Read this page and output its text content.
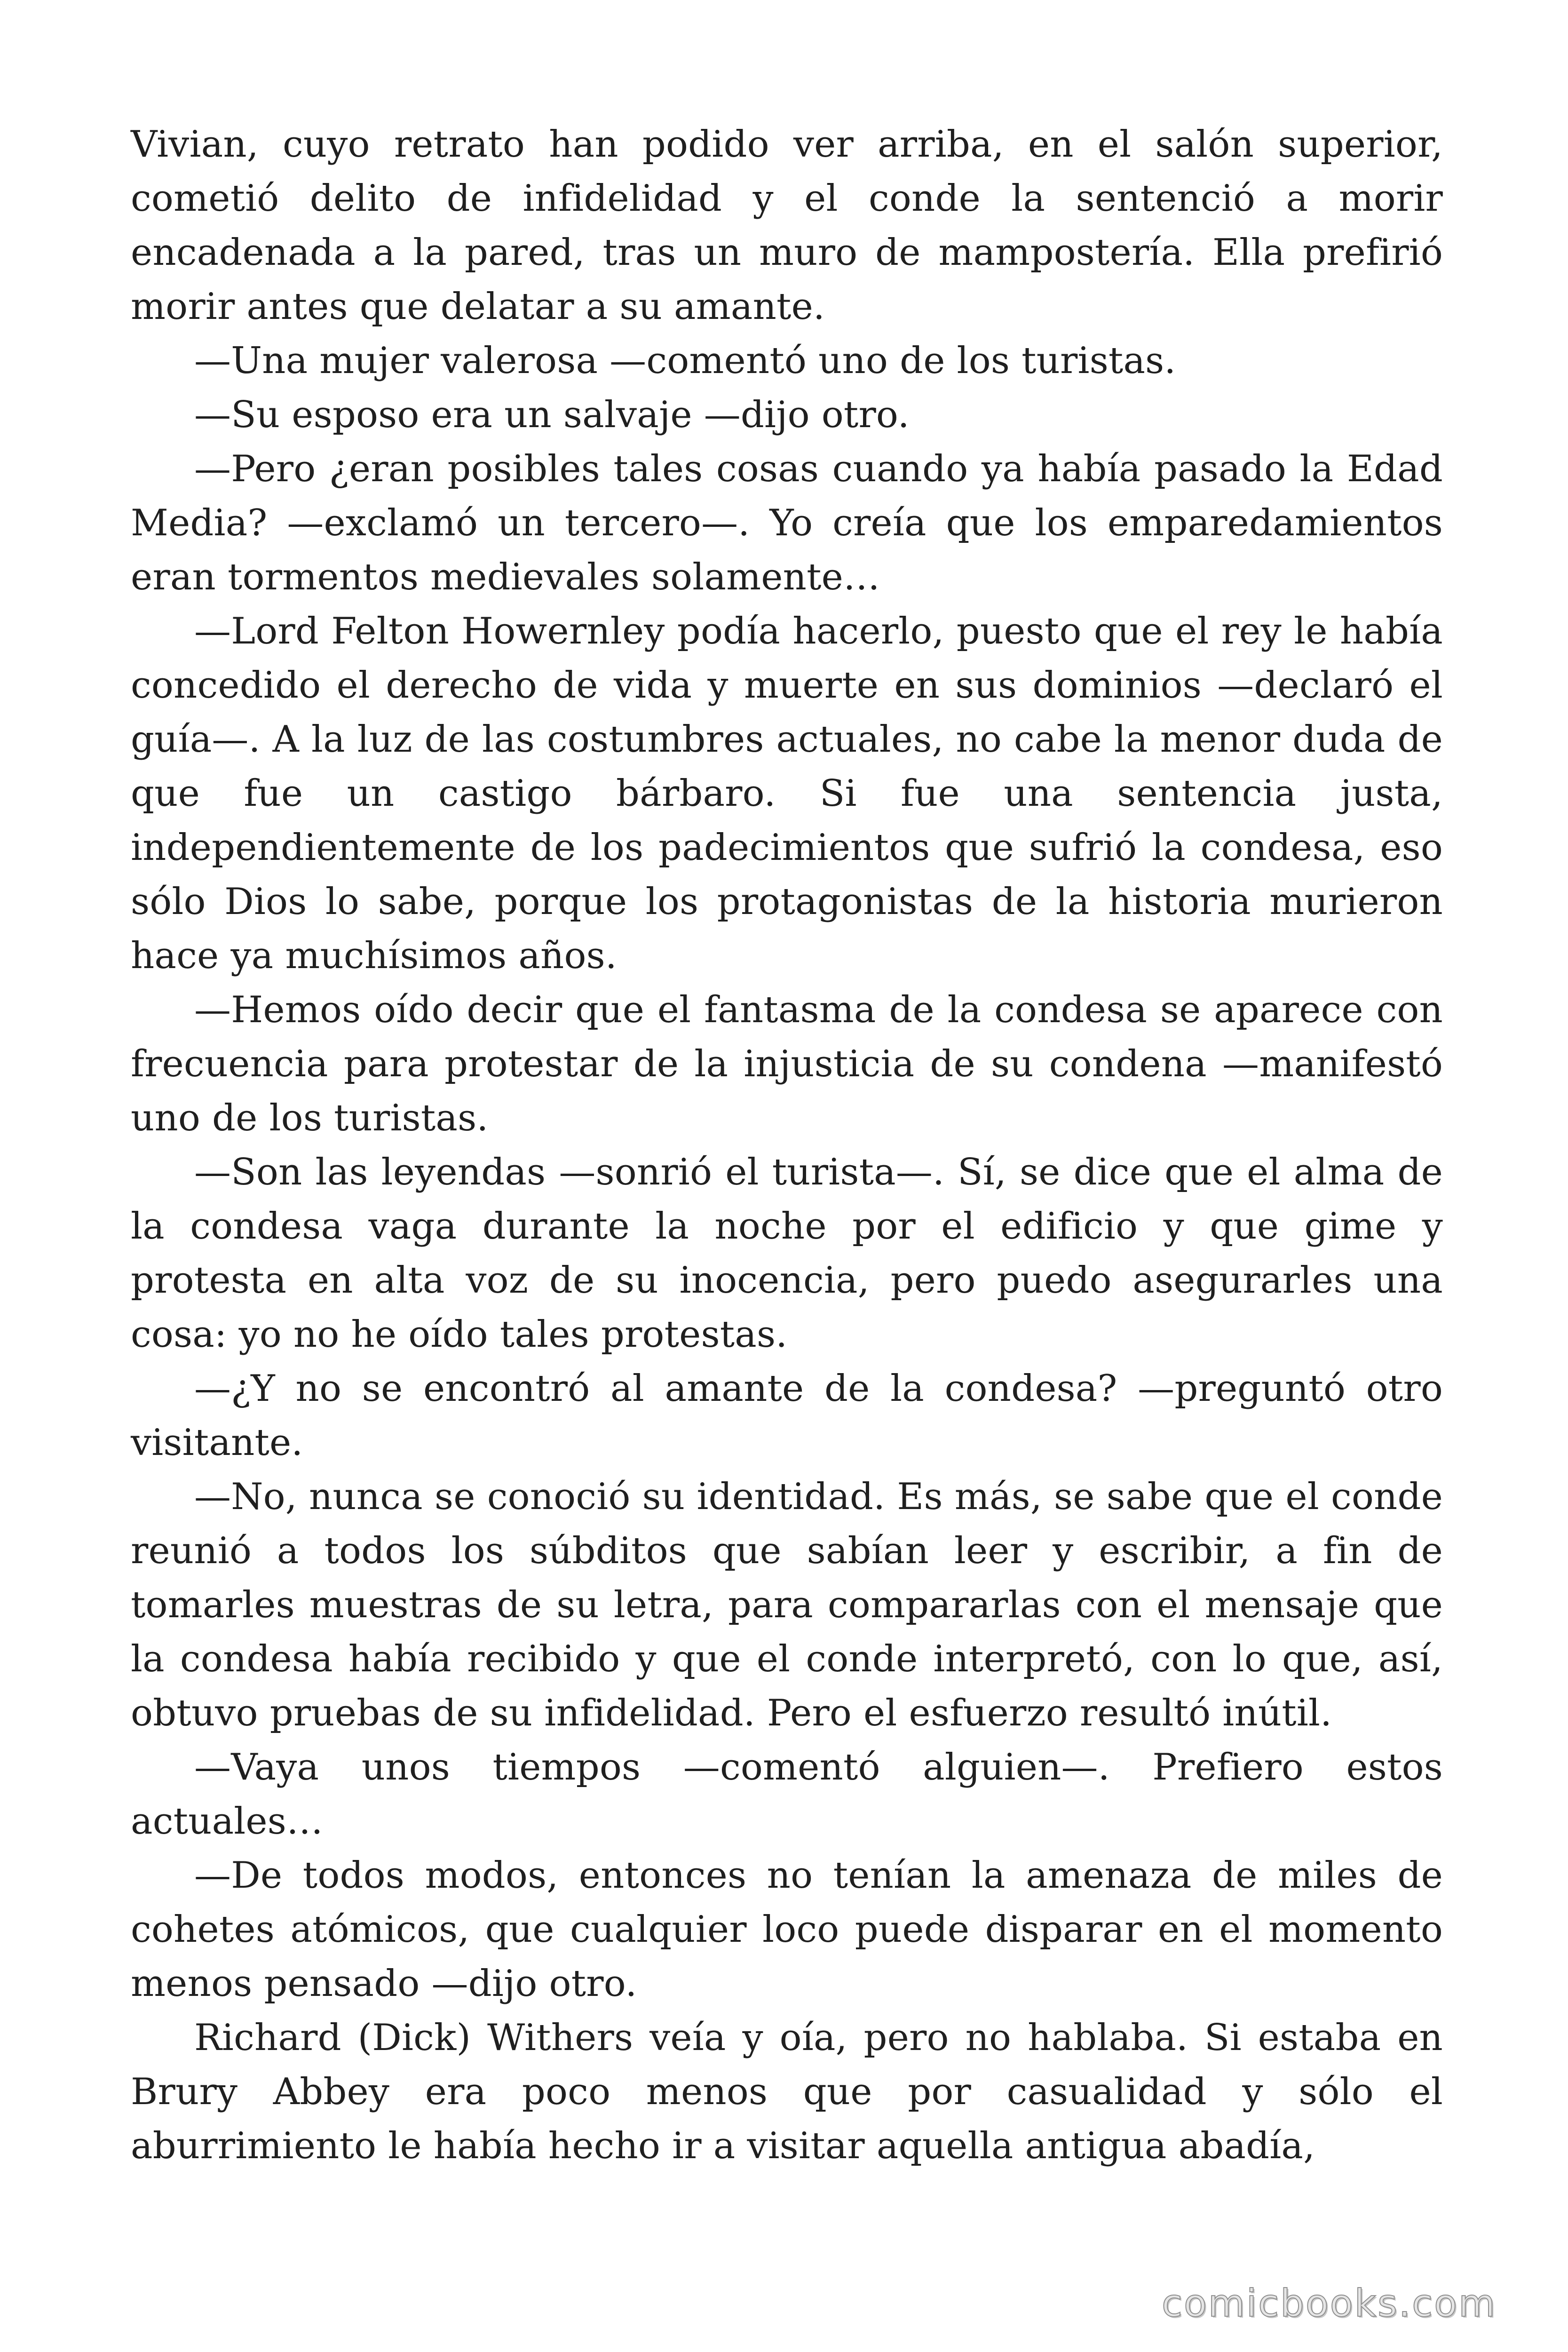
Vivian, cuyo retrato han podido ver arriba, en el salón superior, cometió delito de infidelidad y el conde la sentenció a morir encadenada a la pared, tras un muro de mampostería. Ella prefirió morir antes que delatar a su amante.

—Una mujer valerosa —comentó uno de los turistas.

—Su esposo era un salvaje —dijo otro.

—Pero ¿eran posibles tales cosas cuando ya había pasado la Edad Media? —exclamó un tercero—. Yo creía que los emparedamientos eran tormentos medievales solamente…

—Lord Felton Howernley podía hacerlo, puesto que el rey le había concedido el derecho de vida y muerte en sus dominios —declaró el guía—. A la luz de las costumbres actuales, no cabe la menor duda de que fue un castigo bárbaro. Si fue una sentencia justa, independientemente de los padecimientos que sufrió la condesa, eso sólo Dios lo sabe, porque los protagonistas de la historia murieron hace ya muchísimos años.

—Hemos oído decir que el fantasma de la condesa se aparece con frecuencia para protestar de la injusticia de su condena —manifestó uno de los turistas.

—Son las leyendas —sonrió el turista—. Sí, se dice que el alma de la condesa vaga durante la noche por el edificio y que gime y protesta en alta voz de su inocencia, pero puedo asegurarles una cosa: yo no he oído tales protestas.

—¿Y no se encontró al amante de la condesa? —preguntó otro visitante.

—No, nunca se conoció su identidad. Es más, se sabe que el conde reunió a todos los súbditos que sabían leer y escribir, a fin de tomarles muestras de su letra, para compararlas con el mensaje que la condesa había recibido y que el conde interpretó, con lo que, así, obtuvo pruebas de su infidelidad. Pero el esfuerzo resultó inútil.

—Vaya unos tiempos —comentó alguien—. Prefiero estos actuales…

—De todos modos, entonces no tenían la amenaza de miles de cohetes atómicos, que cualquier loco puede disparar en el momento menos pensado —dijo otro.

Richard (Dick) Withers veía y oía, pero no hablaba. Si estaba en Brury Abbey era poco menos que por casualidad y sólo el aburrimiento le había hecho ir a visitar aquella antigua abadía,

comicbooks.com
